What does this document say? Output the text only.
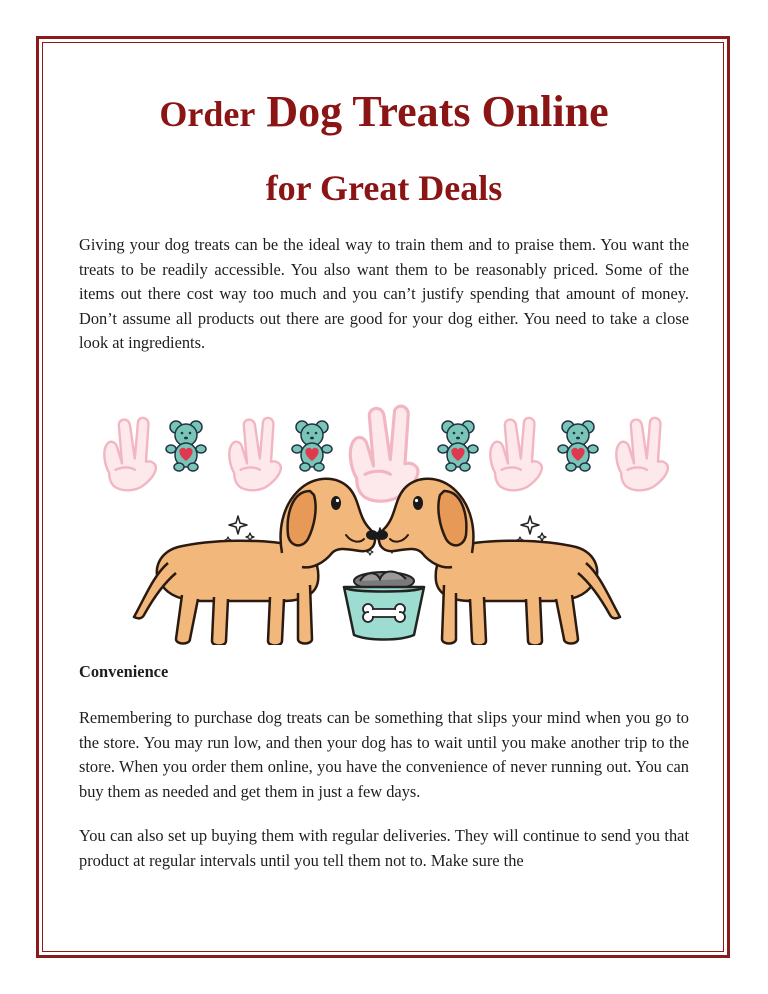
Order Dog Treats Online
for Great Deals

Giving your dog treats can be the ideal way to train them and to praise them. You want the treats to be readily accessible. You also want them to be reasonably priced. Some of the items out there cost way too much and you can’t justify spending that amount of money. Don’t assume all products out there are good for your dog either. You need to take a close look at ingredients.

Convenience

Remembering to purchase dog treats can be something that slips your mind when you go to the store. You may run low, and then your dog has to wait until you make another trip to the store. When you order them online, you have the convenience of never running out. You can buy them as needed and get them in just a few days.

You can also set up buying them with regular deliveries. They will continue to send you that product at regular intervals until you tell them not to. Make sure the
